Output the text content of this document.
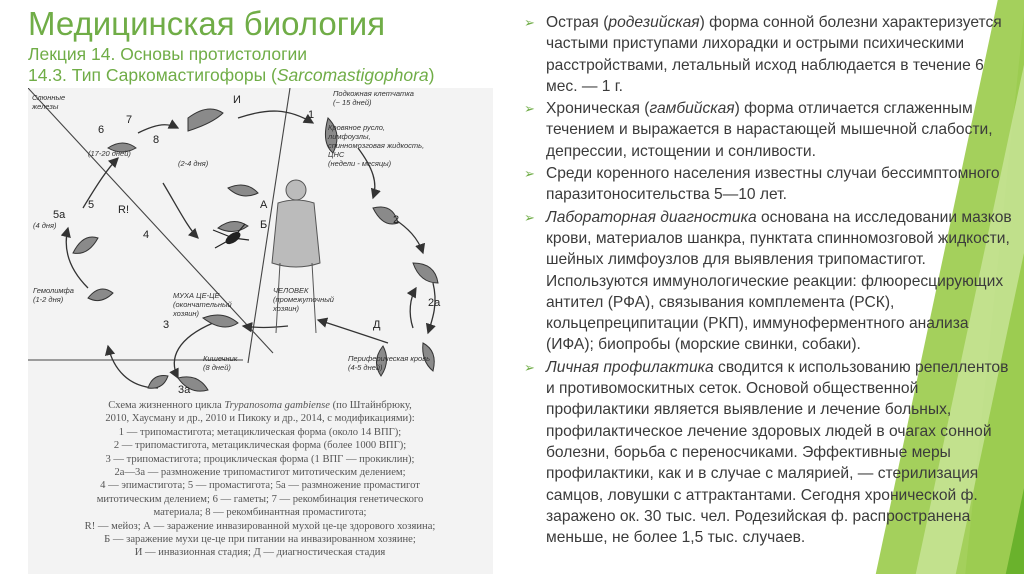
Медицинская биология
Лекция 14. Основы протистологии
14.3. Тип Саркомастигофоры (Sarcomastigophora)
Слюнные железы
Подкожная клетчатка (~ 15 дней)
Кровяное русло, лимфоузлы, спинномозговая жидкость, ЦНС (недели - месяцы)
(17-20 дней)
(2-4 дня)
(4 дня)
Гемолимфа (1-2 дня)	МУХА ЦЕ-ЦЕ (окончательный хозяин)
ЧЕЛОВЕК (промежуточный хозяин)
Кишечник (8 дней)
Периферическая кровь (4-5 дней)
И
А
Б
Д
1
2
2а
3
3а
4
5
5а
6
7
8
R!
Схема жизненного цикла Trypanosoma gambiense (по Штайнбрюку,
2010, Хаусману и др., 2010 и Пикоку и др., 2014, с модификациями):
1 — трипомастигота; метациклическая форма (около 14 ВПГ);
2 — трипомастигота, метациклическая форма (более 1000 ВПГ);
3 — трипомастигота; проциклическая форма (1 ВПГ — прокиклин);
2а—3а — размножение трипомастигот митотическим делением;
4 — эпимастигота; 5 — промастигота; 5а — размножение промастигот
митотическим делением; 6 — гаметы; 7 — рекомбинация генетического
материала; 8 — рекомбинантная промастигота;
R! — мейоз; А — заражение инвазированной мухой це-це здорового хозяина;
Б — заражение мухи це-це при питании на инвазированном хозяине;
И — инвазионная стадия; Д — диагностическая стадия
➢ Острая (родезийская) форма сонной болезни характеризуется частыми приступами лихорадки и острыми психическими расстройствами, летальный исход наблюдается в течение 6 мес. — 1 г.
➢ Хроническая (гамбийская) форма отличается сглаженным течением и выражается в нарастающей мышечной слабости, депрессии, истощении и сонливости.
➢ Среди коренного населения известны случаи бессимптомного паразитоносительства 5—10 лет.
➢ Лабораторная диагностика основана на исследовании мазков крови, материалов шанкра, пунктата спинномозговой жидкости, шейных лимфоузлов для выявления трипомастигот. Используются иммунологические реакции: флюоресцирующих антител (РФА), связывания комплемента (РСК), кольцепреципитации (РКП), иммуноферментного анализа (ИФА); биопробы (морские свинки, собаки).
➢ Личная профилактика сводится к использованию репеллентов и противомоскитных сеток. Основой общественной профилактики является выявление и лечение больных, профилактическое лечение здоровых людей в очагах сонной болезни, борьба с переносчиками. Эффективные меры профилактики, как и в случае с малярией, — стерилизация самцов, ловушки с аттрактантами. Сегодня хронической ф. заражено ок. 30 тыс. чел. Родезийская ф. распространена меньше, не более 1,5 тыс. случаев.
